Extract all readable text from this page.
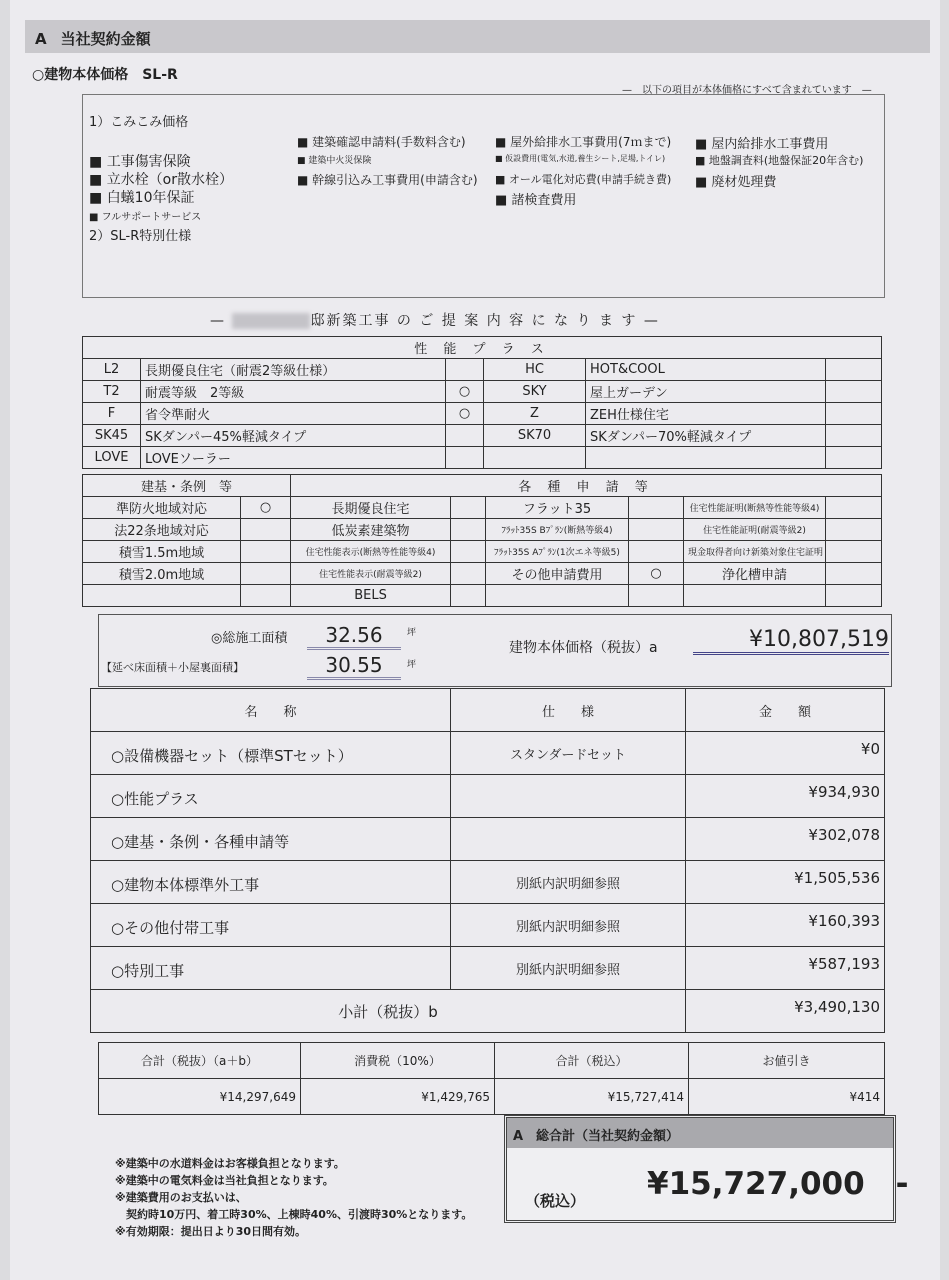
A 当社契約金額
○建物本体価格　SL-R
—　以下の項目が本体価格にすべて含まれています　—
1）こみこみ価格
■ 工事傷害保険
■ 立水栓（or散水栓）
■ 白蟻10年保証
■ フルサポートサービス
2）SL-R特別仕様
■ 建築確認申請料(手数料含む)
■ 建築中火災保険
■ 幹線引込み工事費用(申請含む)
■ 屋外給排水工事費用(7ｍまで)
■ 仮設費用(電気,水道,養生シート,足場,トイレ)
■ オール電化対応費(申請手続き費)
■ 諸検査費用
■ 屋内給排水工事費用
■ 地盤調査料(地盤保証20年含む)
■ 廃材処理費
—	邸新築工事 の ご 提 案 内 容 に な り ま す —
性 能 プ ラ ス					
L2	長期優良住宅（耐震2等級仕様）		HC	HOT&COOL	
T2	耐震等級　2等級	○	SKY	屋上ガーデン	
F	省令準耐火	○	Z	ZEH仕様住宅	
SK45	SKダンパー45%軽減タイプ		SK70	SKダンパー70%軽減タイプ	
LOVE	LOVEソーラー				
建基・条例　等		各 種 申 請 等					
準防火地域対応	○	長期優良住宅		フラット35		住宅性能証明(断熱等性能等級4)	
法22条地域対応		低炭素建築物		ﾌﾗｯﾄ35S Bﾌﾟﾗﾝ(断熱等級4)		住宅性能証明(耐震等級2)	
積雪1.5m地域		住宅性能表示(断熱等性能等級4)		ﾌﾗｯﾄ35S Aﾌﾟﾗﾝ(1次エネ等級5)		現金取得者向け新築対象住宅証明	
積雪2.0m地域		住宅性能表示(耐震等級2)		その他申請費用	○	浄化槽申請	
		BELS					
◎総施工面積	32.56	坪
【延べ床面積＋小屋裏面積】	30.55	坪
建物本体価格（税抜）a	¥10,807,519
名　　称	仕　　様	金　　額
○設備機器セット（標準STセット）	スタンダードセット	¥0
○性能プラス		¥934,930
○建基・条例・各種申請等		¥302,078
○建物本体標準外工事	別紙内訳明細参照	¥1,505,536
○その他付帯工事	別紙内訳明細参照	¥160,393
○特別工事	別紙内訳明細参照	¥587,193
小計（税抜）b		¥3,490,130
合計（税抜）（a＋b）	消費税（10%）	合計（税込）	お値引き
¥14,297,649	¥1,429,765	¥15,727,414	¥414
A　総合計（当社契約金額）
¥15,727,000　-
（税込）
※建築中の水道料金はお客様負担となります。
※建築中の電気料金は当社負担となります。
※建築費用のお支払いは、
　契約時10万円、着工時30%、上棟時40%、引渡時30%となります。
※有効期限：提出日より30日間有効。
